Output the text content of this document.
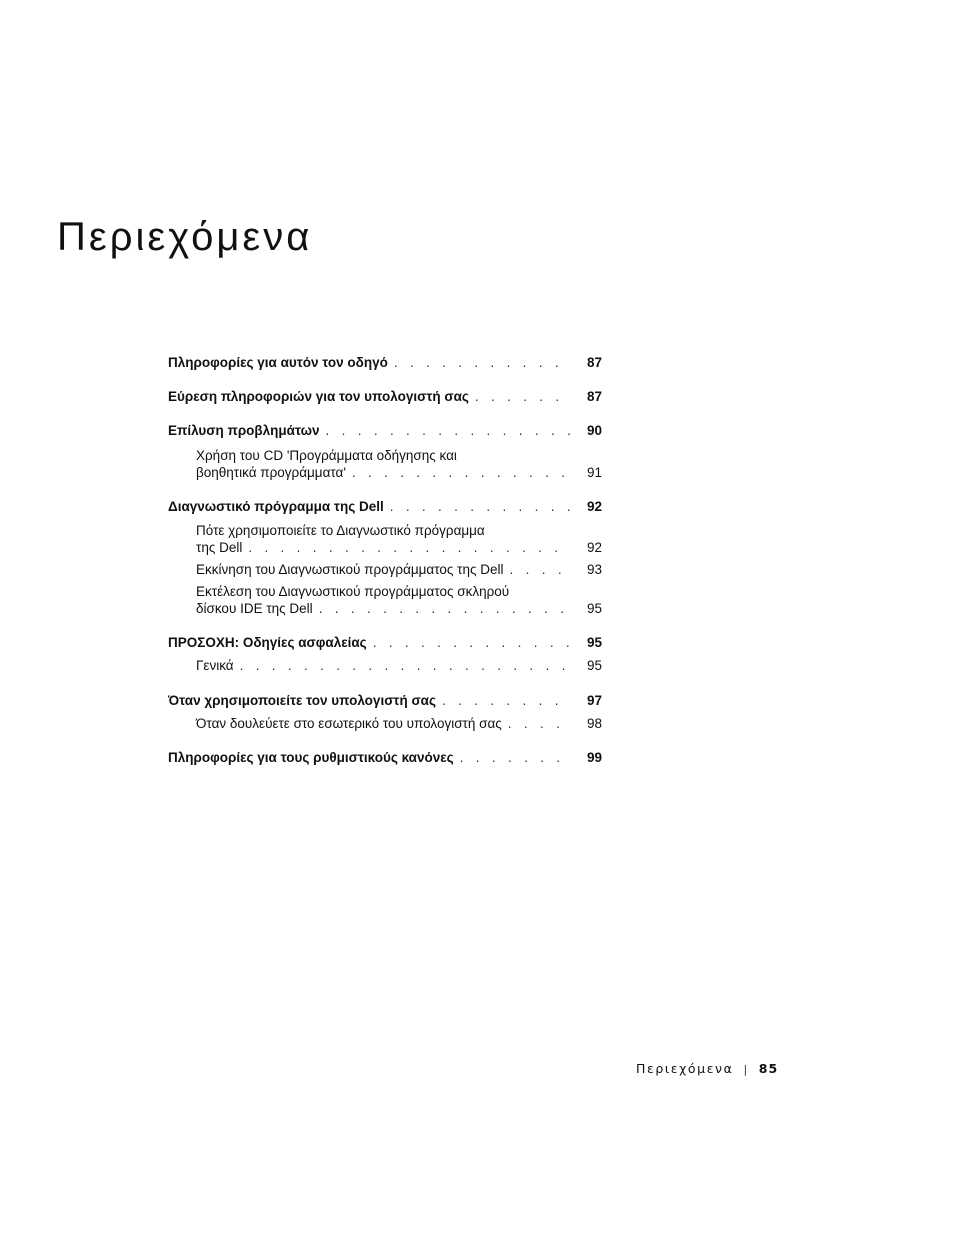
Περιεχόμενα
Πληροφορίες για αυτόν τον οδηγό . . .	87
Εύρεση πληροφοριών για τον υπολογιστή σας . . .	87
Επίλυση προβλημάτων . . .	90
Χρήση του CD 'Προγράμματα οδήγησης και
βοηθητικά προγράμματα' . . .	91
Διαγνωστικό πρόγραμμα της Dell . . .	92
Πότε χρησιμοποιείτε το Διαγνωστικό πρόγραμμα
της Dell . . .	92
Εκκίνηση του Διαγνωστικού προγράμματος της Dell . . .	93
Εκτέλεση του Διαγνωστικού προγράμματος σκληρού
δίσκου IDE της Dell . . .	95
ΠΡΟΣΟΧΗ: Οδηγίες ασφαλείας . . .	95
Γενικά . . .	95
Όταν χρησιμοποιείτε τον υπολογιστή σας . . .	97
Όταν δουλεύετε στο εσωτερικό του υπολογιστή σας . . .	98
Πληροφορίες για τους ρυθμιστικούς κανόνες . . .	99
Περιεχόμενα | 85
